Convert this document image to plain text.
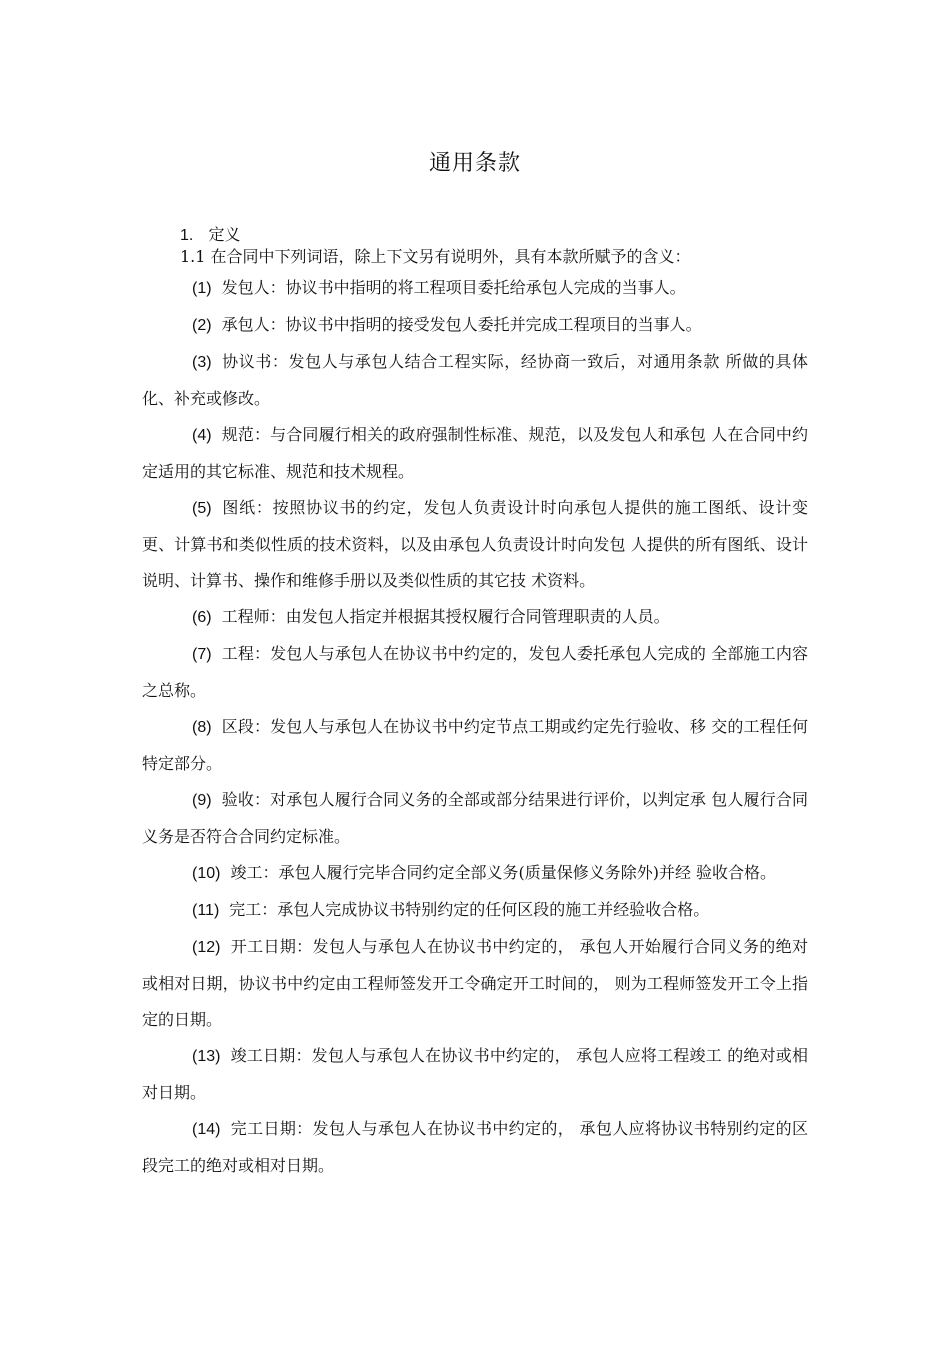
通用条款
1. 定义
1.1 在合同中下列词语，除上下文另有说明外，具有本款所赋予的含义：

(1) 发包人：协议书中指明的将工程项目委托给承包人完成的当事人。

(2) 承包人：协议书中指明的接受发包人委托并完成工程项目的当事人。

(3) 协议书：发包人与承包人结合工程实际，经协商一致后，对通用条款 所做的具体化、补充或修改。

(4) 规范：与合同履行相关的政府强制性标准、规范，以及发包人和承包 人在合同中约定适用的其它标准、规范和技术规程。

(5) 图纸：按照协议书的约定，发包人负责设计时向承包人提供的施工图纸、设计变更、计算书和类似性质的技术资料，以及由承包人负责设计时向发包 人提供的所有图纸、设计说明、计算书、操作和维修手册以及类似性质的其它技 术资料。

(6) 工程师：由发包人指定并根据其授权履行合同管理职责的人员。

(7) 工程：发包人与承包人在协议书中约定的，发包人委托承包人完成的 全部施工内容之总称。

(8) 区段：发包人与承包人在协议书中约定节点工期或约定先行验收、移 交的工程任何特定部分。

(9) 验收：对承包人履行合同义务的全部或部分结果进行评价，以判定承 包人履行合同义务是否符合合同约定标准。

(10) 竣工：承包人履行完毕合同约定全部义务(质量保修义务除外)并经 验收合格。

(11) 完工：承包人完成协议书特别约定的任何区段的施工并经验收合格。

(12) 开工日期：发包人与承包人在协议书中约定的， 承包人开始履行合同义务的绝对或相对日期，协议书中约定由工程师签发开工令确定开工时间的， 则为工程师签发开工令上指定的日期。

(13) 竣工日期：发包人与承包人在协议书中约定的， 承包人应将工程竣工 的绝对或相对日期。

(14) 完工日期：发包人与承包人在协议书中约定的， 承包人应将协议书特别约定的区段完工的绝对或相对日期。
